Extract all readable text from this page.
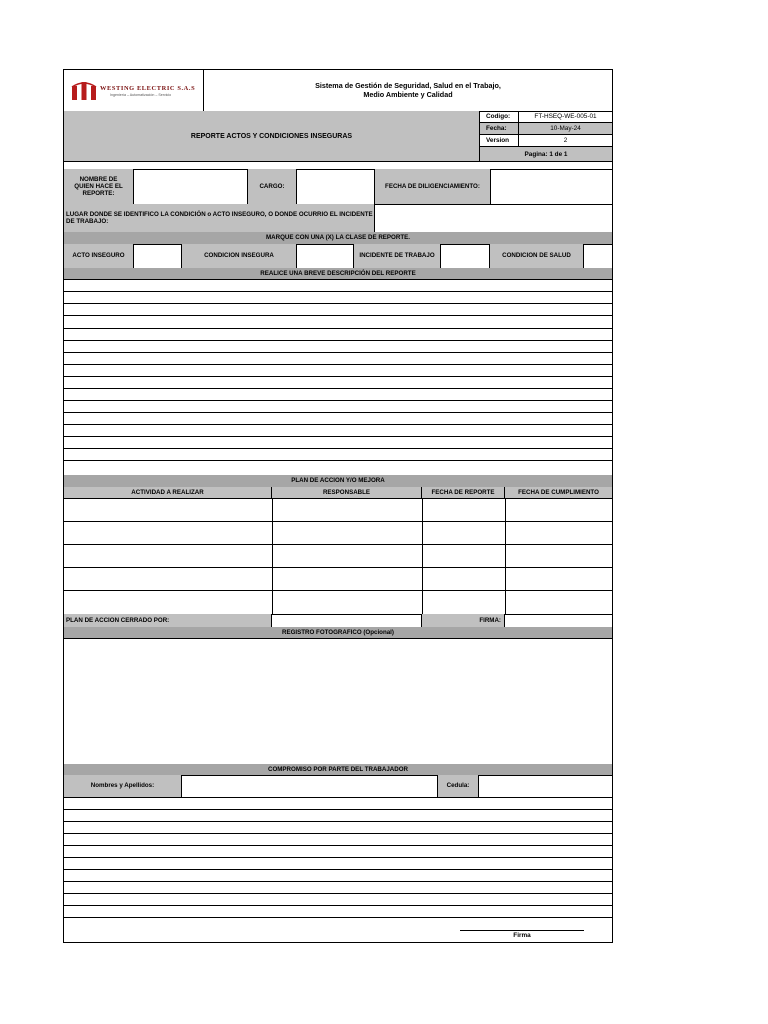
WESTING ELECTRIC S.A.S
Ingeniería – Automatización – Servicio
Sistema de Gestión de Seguridad, Salud en el Trabajo,
Medio Ambiente y Calidad
REPORTE ACTOS Y CONDICIONES INSEGURAS
Codigo:	FT-HSEQ-WE-005-01
Fecha:	10-May-24
Version	2
Pagina: 1 de 1
NOMBRE DE QUIEN HACE EL REPORTE:
CARGO:	FECHA DE DILIGENCIAMIENTO:
LUGAR DONDE SE IDENTIFICO LA CONDICIÓN o ACTO INSEGURO, O DONDE OCURRIO EL INCIDENTE DE TRABAJO:
MARQUE CON UNA (X) LA CLASE DE REPORTE.
ACTO INSEGURO	CONDICION INSEGURA	INCIDENTE DE TRABAJO	CONDICION DE SALUD
REALICE UNA BREVE DESCRIPCIÓN DEL REPORTE
PLAN DE ACCION Y/O MEJORA
ACTIVIDAD A REALIZAR	RESPONSABLE	FECHA DE REPORTE	FECHA DE CUMPLIMIENTO
PLAN DE ACCION CERRADO POR:	FIRMA:
REGISTRO FOTOGRAFICO (Opcional)
COMPROMISO POR PARTE DEL TRABAJADOR
Nombres y Apellidos:	Cedula:
Firma
